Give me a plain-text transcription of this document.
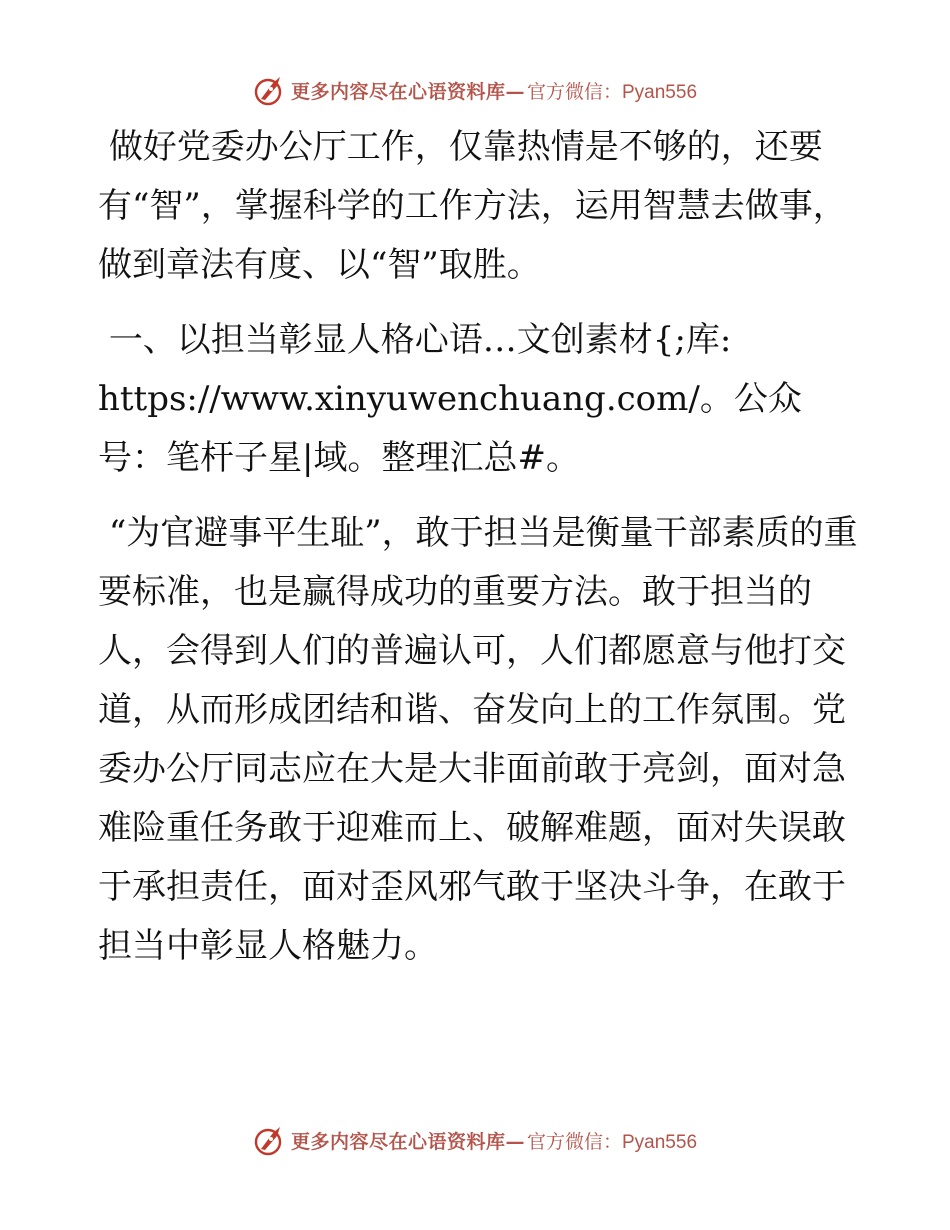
更多内容尽在心语资料库— 官方微信：Pyan556

做好党委办公厅工作，仅靠热情是不够的，还要有“智”，掌握科学的工作方法，运用智慧去做事，做到章法有度、以“智”取胜。

一、以担当彰显人格心语…文创素材{;库:
https://www.xinyuwenchuang.com/。公众号：笔杆子星|域。整理汇总#。

“为官避事平生耻”，敢于担当是衡量干部素质的重要标准，也是赢得成功的重要方法。敢于担当的人，会得到人们的普遍认可，人们都愿意与他打交道，从而形成团结和谐、奋发向上的工作氛围。党委办公厅同志应在大是大非面前敢于亮剑，面对急难险重任务敢于迎难而上、破解难题，面对失误敢于承担责任，面对歪风邪气敢于坚决斗争，在敢于担当中彰显人格魅力。

更多内容尽在心语资料库— 官方微信：Pyan556
